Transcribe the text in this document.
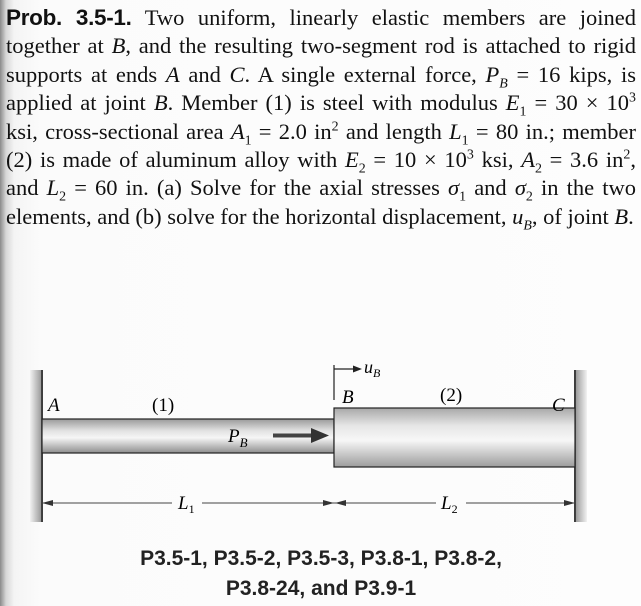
Prob. 3.5-1. Two uniform, linearly elastic members are joined together at B, and the resulting two-segment rod is attached to rigid supports at ends A and C. A single external force, $P_B = 16$ kips, is applied at joint B. Member (1) is steel with modulus $E_1 = 30 \times 10^3$ ksi, cross-sectional area $A_1 = 2.0$ $in^2$ and length $L_1 = 80$ in.; member (2) is made of aluminum alloy with $E_2 = 10 \times 10^3$ ksi, $A_2 = 3.6$ $in^2$, and $L_2 = 60$ in. (a) Solve for the axial stresses $\sigma_1$ and $\sigma_2$ in the two elements, and (b) solve for the horizontal displacement, $u_B$, of joint B.
$u_B$
A	(1)	B	(2)	C
$P_B$
$L_1$	$L_2$
P3.5-1, P3.5-2, P3.5-3, P3.8-1, P3.8-2,
P3.8-24, and P3.9-1
